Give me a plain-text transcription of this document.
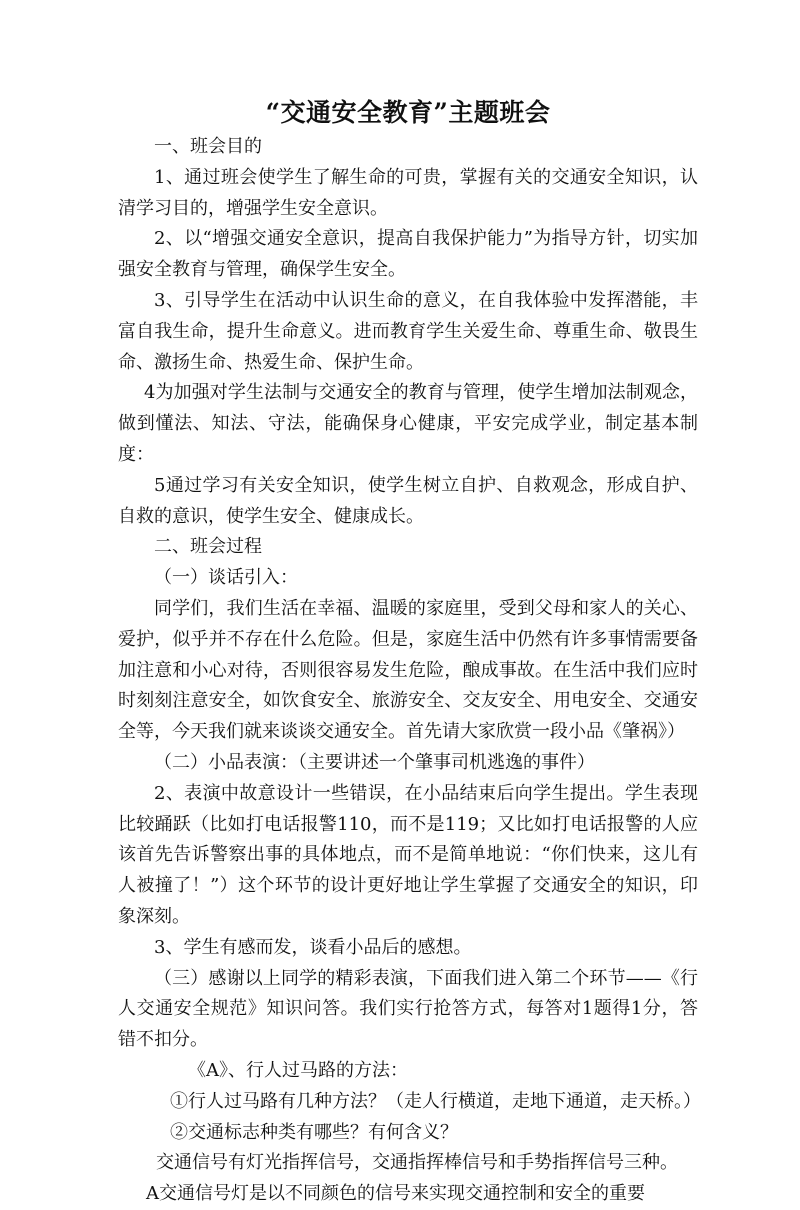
“交通安全教育”主题班会

一、班会目的

1、通过班会使学生了解生命的可贵，掌握有关的交通安全知识，认清学习目的，增强学生安全意识。

2、以“增强交通安全意识，提高自我保护能力”为指导方针，切实加强安全教育与管理，确保学生安全。

3、引导学生在活动中认识生命的意义，在自我体验中发挥潜能，丰富自我生命，提升生命意义。进而教育学生关爱生命、尊重生命、敬畏生命、激扬生命、热爱生命、保护生命。

4为加强对学生法制与交通安全的教育与管理，使学生增加法制观念，做到懂法、知法、守法，能确保身心健康，平安完成学业，制定基本制度：

5通过学习有关安全知识，使学生树立自护、自救观念，形成自护、自救的意识，使学生安全、健康成长。

二、班会过程

（一）谈话引入：

同学们，我们生活在幸福、温暖的家庭里，受到父母和家人的关心、爱护，似乎并不存在什么危险。但是，家庭生活中仍然有许多事情需要备加注意和小心对待，否则很容易发生危险，酿成事故。在生活中我们应时时刻刻注意安全，如饮食安全、旅游安全、交友安全、用电安全、交通安全等，今天我们就来谈谈交通安全。首先请大家欣赏一段小品《肇祸》）

（二）小品表演：（主要讲述一个肇事司机逃逸的事件）

2、表演中故意设计一些错误，在小品结束后向学生提出。学生表现比较踊跃（比如打电话报警110，而不是119；又比如打电话报警的人应该首先告诉警察出事的具体地点，而不是简单地说：“你们快来，这儿有人被撞了！”）这个环节的设计更好地让学生掌握了交通安全的知识，印象深刻。

3、学生有感而发，谈看小品后的感想。

（三）感谢以上同学的精彩表演，下面我们进入第二个环节——《行人交通安全规范》知识问答。我们实行抢答方式，每答对1题得1分，答错不扣分。

《A》、行人过马路的方法：

①行人过马路有几种方法？（走人行横道，走地下通道，走天桥。）

②交通标志种类有哪些？有何含义？

交通信号有灯光指挥信号，交通指挥棒信号和手势指挥信号三种。

A交通信号灯是以不同颜色的信号来实现交通控制和安全的重要
